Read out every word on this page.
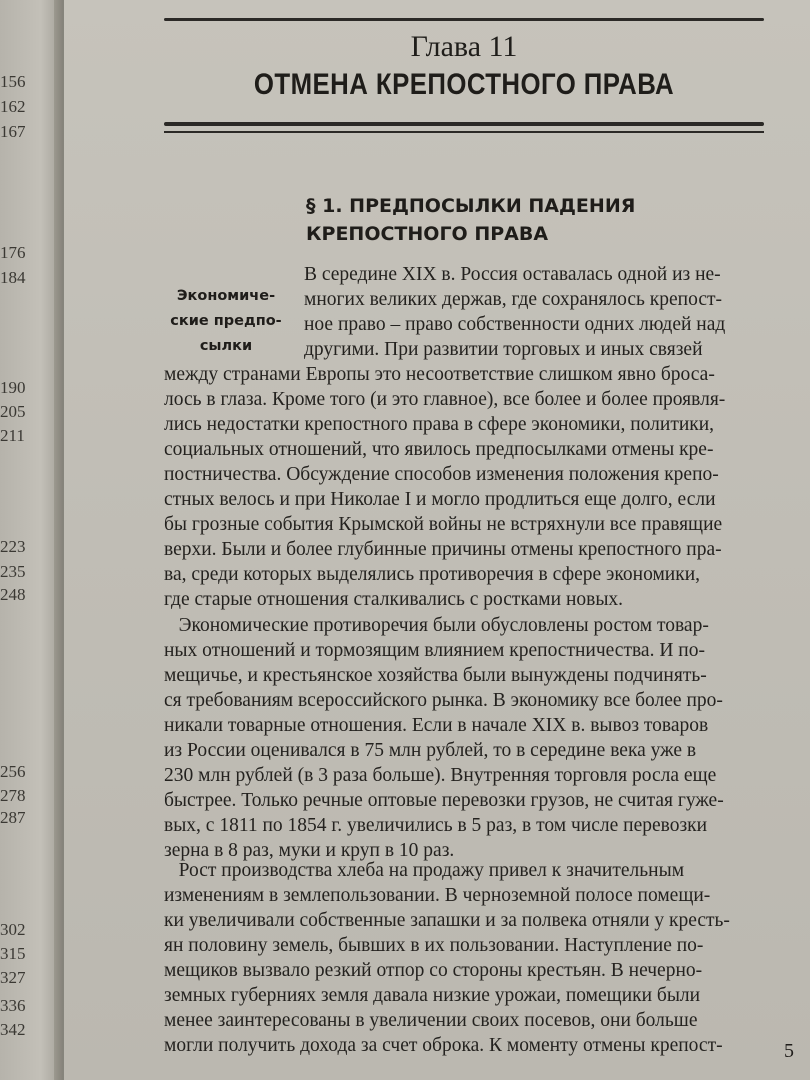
156
162
167
176
184
190
205
211
223
235
248
256
278
287
302
315
327
336
342
Глава 11
ОТМЕНА КРЕПОСТНОГО ПРАВА
§ 1. ПРЕДПОСЫЛКИ ПАДЕНИЯ
КРЕПОСТНОГО ПРАВА
Экономиче-
ские предпо-
сылки
В середине XIX в. Россия оставалась одной из не-
многих великих держав, где сохранялось крепост-
ное право – право собственности одних людей над
другими. При развитии торговых и иных связей
между странами Европы это несоответствие слишком явно броса-
лось в глаза. Кроме того (и это главное), все более и более проявля-
лись недостатки крепостного права в сфере экономики, политики,
социальных отношений, что явилось предпосылками отмены кре-
постничества. Обсуждение способов изменения положения крепо-
стных велось и при Николае I и могло продлиться еще долго, если
бы грозные события Крымской войны не встряхнули все правящие
верхи. Были и более глубинные причины отмены крепостного пра-
ва, среди которых выделялись противоречия в сфере экономики,
где старые отношения сталкивались с ростками новых.
Экономические противоречия были обусловлены ростом товар-
ных отношений и тормозящим влиянием крепостничества. И по-
мещичье, и крестьянское хозяйства были вынуждены подчинять-
ся требованиям всероссийского рынка. В экономику все более про-
никали товарные отношения. Если в начале XIX в. вывоз товаров
из России оценивался в 75 млн рублей, то в середине века уже в
230 млн рублей (в 3 раза больше). Внутренняя торговля росла еще
быстрее. Только речные оптовые перевозки грузов, не считая гуже-
вых, с 1811 по 1854 г. увеличились в 5 раз, в том числе перевозки
зерна в 8 раз, муки и круп в 10 раз.
Рост производства хлеба на продажу привел к значительным
изменениям в землепользовании. В черноземной полосе помещи-
ки увеличивали собственные запашки и за полвека отняли у кресть-
ян половину земель, бывших в их пользовании. Наступление по-
мещиков вызвало резкий отпор со стороны крестьян. В нечерно-
земных губерниях земля давала низкие урожаи, помещики были
менее заинтересованы в увеличении своих посевов, они больше
могли получить дохода за счет оброка. К моменту отмены крепост-	5
